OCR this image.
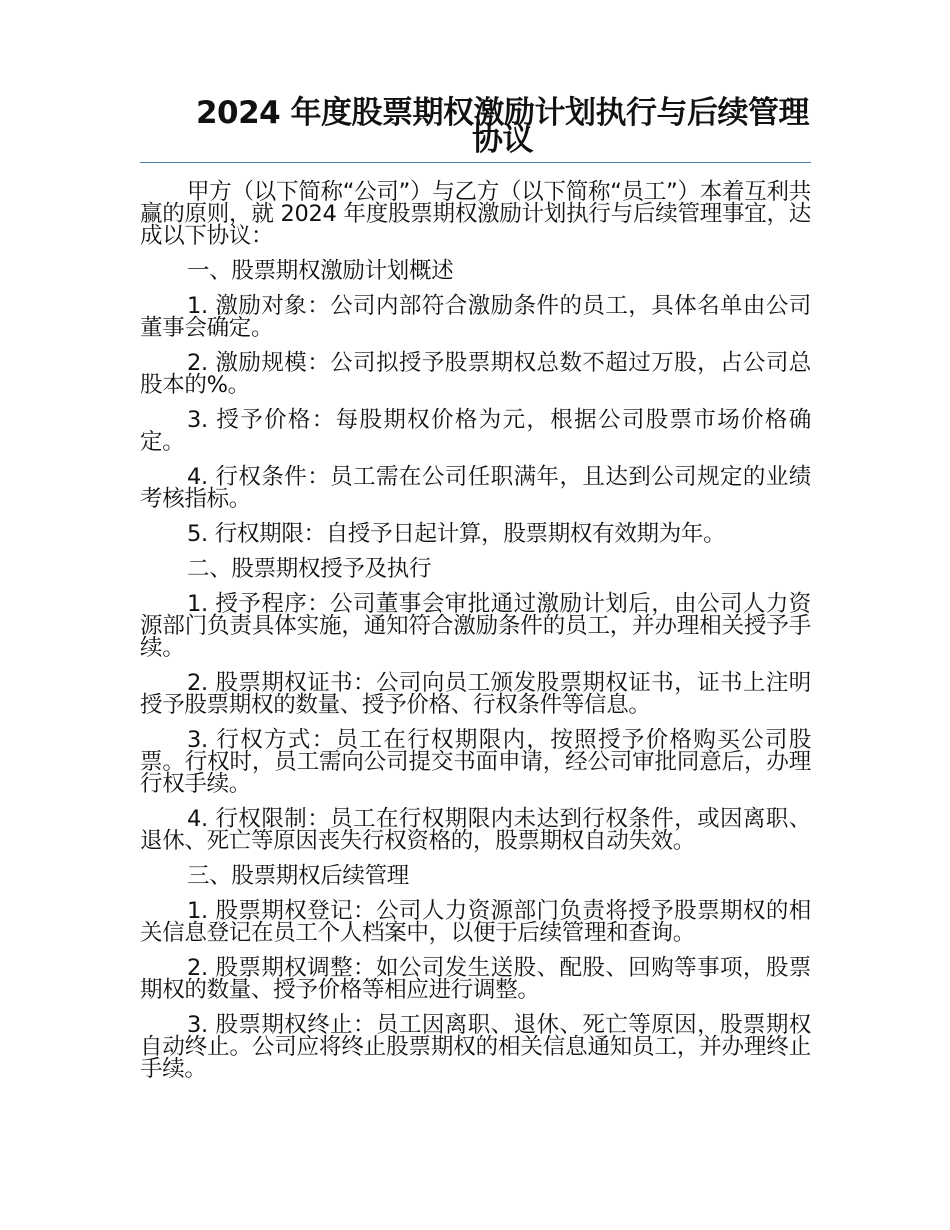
2024 年度股票期权激励计划执行与后续管理协议

甲方（以下简称“公司”）与乙方（以下简称“员工”）本着互利共赢的原则，就 2024 年度股票期权激励计划执行与后续管理事宜，达成以下协议：

一、股票期权激励计划概述

1. 激励对象：公司内部符合激励条件的员工，具体名单由公司董事会确定。

2. 激励规模：公司拟授予股票期权总数不超过万股，占公司总股本的%。

3. 授予价格：每股期权价格为元，根据公司股票市场价格确定。

4. 行权条件：员工需在公司任职满年，且达到公司规定的业绩考核指标。

5. 行权期限：自授予日起计算，股票期权有效期为年。

二、股票期权授予及执行

1. 授予程序：公司董事会审批通过激励计划后，由公司人力资源部门负责具体实施，通知符合激励条件的员工，并办理相关授予手续。

2. 股票期权证书：公司向员工颁发股票期权证书，证书上注明授予股票期权的数量、授予价格、行权条件等信息。

3. 行权方式：员工在行权期限内，按照授予价格购买公司股票。行权时，员工需向公司提交书面申请，经公司审批同意后，办理行权手续。

4. 行权限制：员工在行权期限内未达到行权条件，或因离职、退休、死亡等原因丧失行权资格的，股票期权自动失效。

三、股票期权后续管理

1. 股票期权登记：公司人力资源部门负责将授予股票期权的相关信息登记在员工个人档案中，以便于后续管理和查询。

2. 股票期权调整：如公司发生送股、配股、回购等事项，股票期权的数量、授予价格等相应进行调整。

3. 股票期权终止：员工因离职、退休、死亡等原因，股票期权自动终止。公司应将终止股票期权的相关信息通知员工，并办理终止手续。
